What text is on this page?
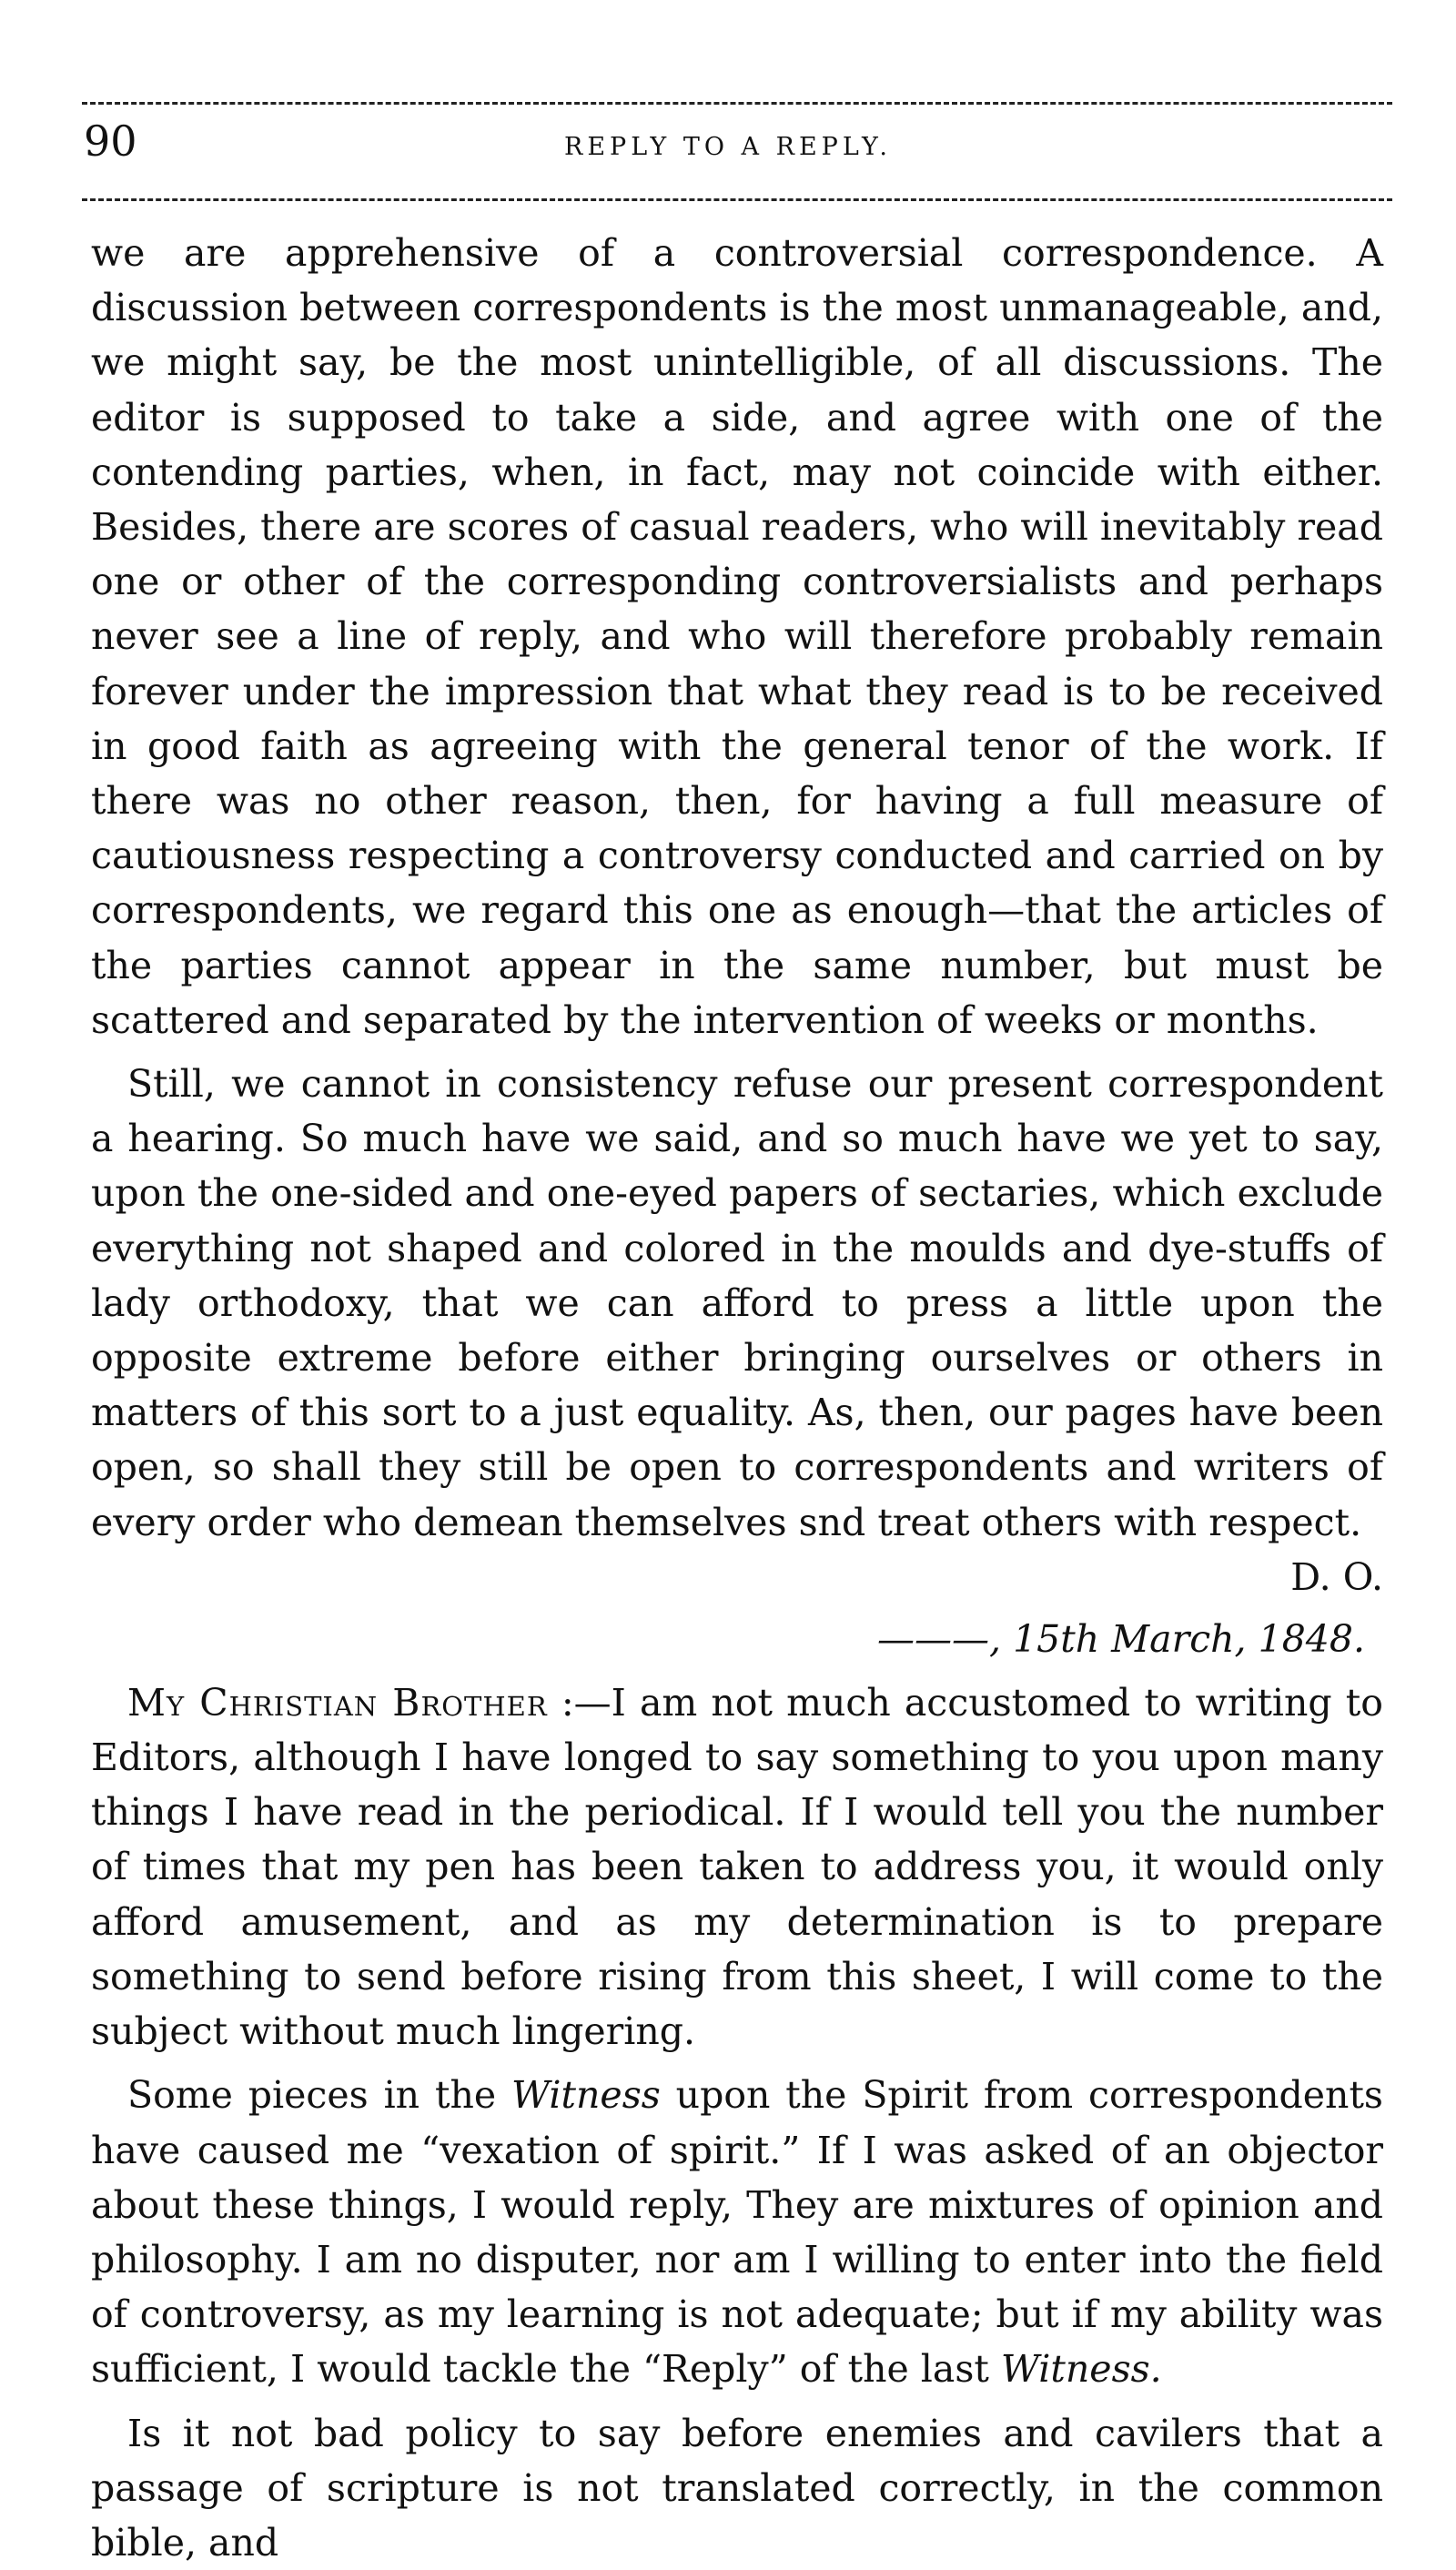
90	REPLY TO A REPLY.

we are apprehensive of a controversial correspondence. A discussion between correspondents is the most unmanageable, and, we might say, be the most unintelligible, of all discussions. The editor is supposed to take a side, and agree with one of the contending parties, when, in fact, may not coincide with either. Besides, there are scores of casual readers, who will inevitably read one or other of the corresponding controversialists and perhaps never see a line of reply, and who will therefore probably remain forever under the impression that what they read is to be received in good faith as agreeing with the general tenor of the work. If there was no other reason, then, for having a full measure of cautiousness respecting a controversy conducted and carried on by correspondents, we regard this one as enough—that the articles of the parties cannot appear in the same number, but must be scattered and separated by the intervention of weeks or months.

Still, we cannot in consistency refuse our present correspondent a hearing. So much have we said, and so much have we yet to say, upon the one-sided and one-eyed papers of sectaries, which exclude everything not shaped and colored in the moulds and dye-stuffs of lady orthodoxy, that we can afford to press a little upon the opposite extreme before either bringing ourselves or others in matters of this sort to a just equality. As, then, our pages have been open, so shall they still be open to correspondents and writers of every order who demean themselves snd treat others with respect.

D. O.

———, 15th March, 1848.

My Christian Brother :—I am not much accustomed to writing to Editors, although I have longed to say something to you upon many things I have read in the periodical. If I would tell you the number of times that my pen has been taken to address you, it would only afford amusement, and as my determination is to prepare something to send before rising from this sheet, I will come to the subject without much lingering.

Some pieces in the Witness upon the Spirit from correspondents have caused me “vexation of spirit.” If I was asked of an objector about these things, I would reply, They are mixtures of opinion and philosophy. I am no disputer, nor am I willing to enter into the field of controversy, as my learning is not adequate; but if my ability was sufficient, I would tackle the “Reply” of the last Witness.

Is it not bad policy to say before enemies and cavilers that a passage of scripture is not translated correctly, in the common bible, and
